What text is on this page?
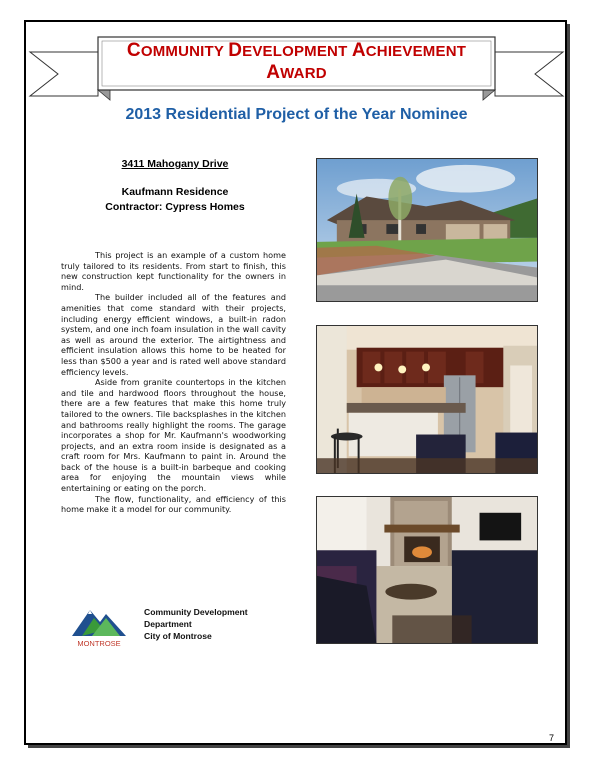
COMMUNITY DEVELOPMENT ACHIEVEMENT AWARD
2013 Residential Project of the Year Nominee
3411 Mahogany Drive
Kaufmann Residence
Contractor: Cypress Homes

This project is an example of a custom home truly tailored to its residents. From start to finish, this new construction kept functionality for the owners in mind.

The builder included all of the features and amenities that come standard with their projects, including energy efficient windows, a built-in radon system, and one inch foam insulation in the wall cavity as well as around the exterior. The airtightness and efficient insulation allows this home to be heated for less than $500 a year and is rated well above standard efficiency levels.

Aside from granite countertops in the kitchen and tile and hardwood floors throughout the house, there are a few features that make this home truly tailored to the owners. Tile backsplashes in the kitchen and bathrooms really highlight the rooms. The garage incorporates a shop for Mr. Kaufmann's woodworking projects, and an extra room inside is designated as a craft room for Mrs. Kaufmann to paint in. Around the back of the house is a built-in barbeque and cooking area for enjoying the mountain views while entertaining or eating on the porch.

The flow, functionality, and efficiency of this home make it a model for our community.

MONTROSE
Community Development
Department
City of Montrose
7
